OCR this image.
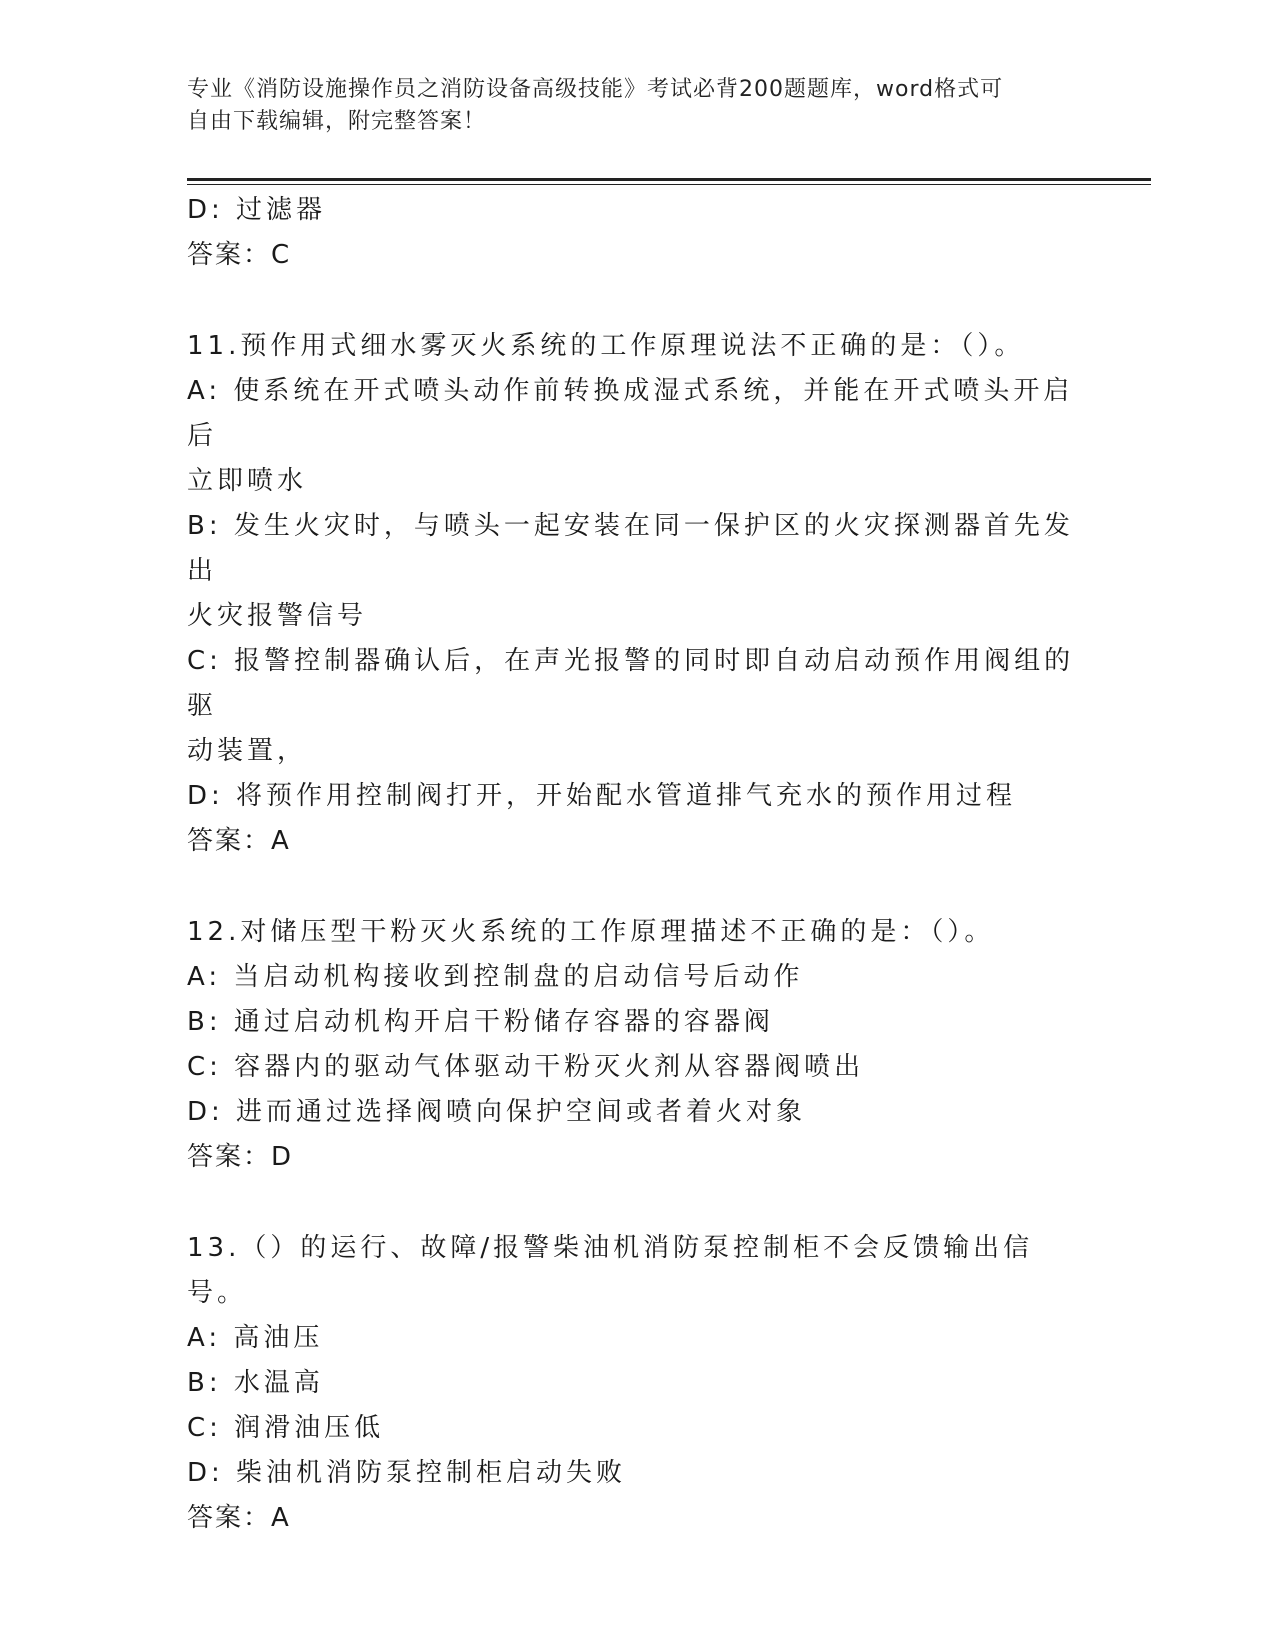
专业《消防设施操作员之消防设备高级技能》考试必背200题题库，word格式可
自由下载编辑，附完整答案！

D: 过滤器

答案：C

11.预作用式细水雾灭火系统的工作原理说法不正确的是：（）。

A: 使系统在开式喷头动作前转换成湿式系统，并能在开式喷头开启后

立即喷水

B: 发生火灾时，与喷头一起安装在同一保护区的火灾探测器首先发出

火灾报警信号

C: 报警控制器确认后，在声光报警的同时即自动启动预作用阀组的驱

动装置，

D: 将预作用控制阀打开，开始配水管道排气充水的预作用过程

答案：A

12.对储压型干粉灭火系统的工作原理描述不正确的是：（）。

A: 当启动机构接收到控制盘的启动信号后动作

B: 通过启动机构开启干粉储存容器的容器阀

C: 容器内的驱动气体驱动干粉灭火剂从容器阀喷出

D: 进而通过选择阀喷向保护空间或者着火对象

答案：D

13.（）的运行、故障/报警柴油机消防泵控制柜不会反馈输出信号。

A: 高油压

B: 水温高

C: 润滑油压低

D: 柴油机消防泵控制柜启动失败

答案：A
